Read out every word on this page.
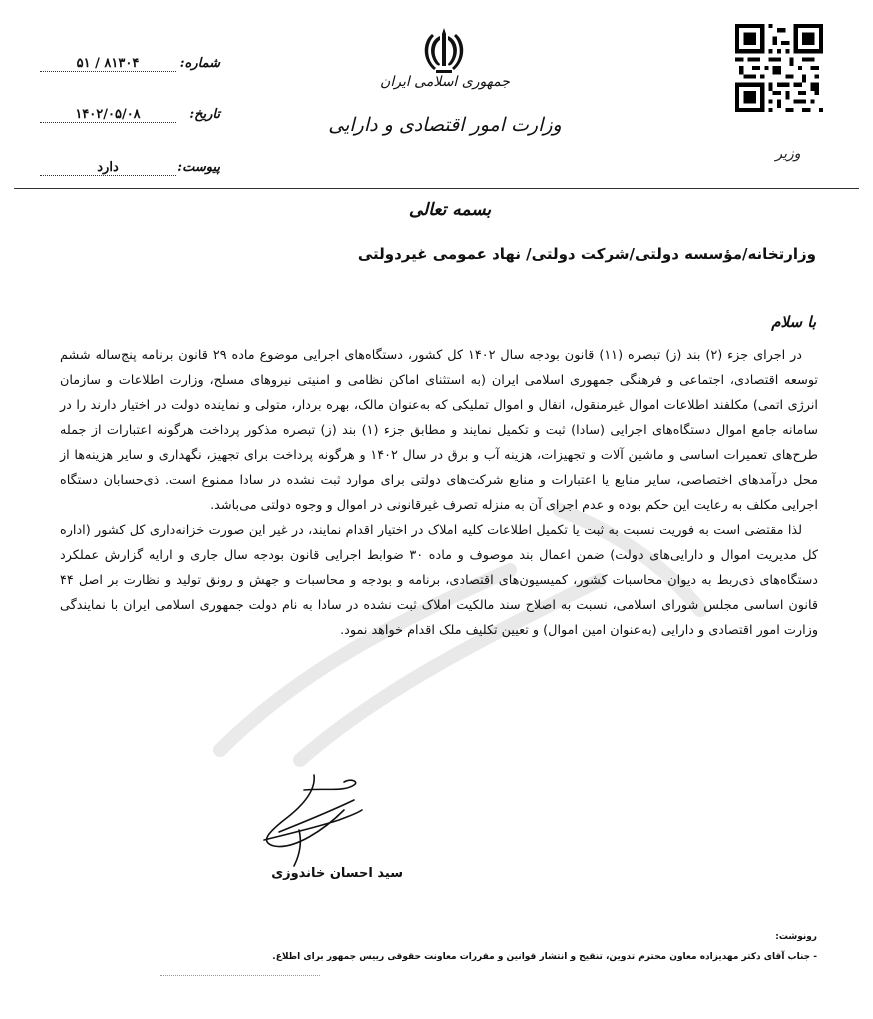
وزیر
جمهوری اسلامی ایران
وزارت امور اقتصادی و دارایی
شماره:
۵۱ / ۸۱۳۰۴
تاریخ:
۱۴۰۲/۰۵/۰۸
پیوست:
دارد
بسمه تعالی
وزارتخانه/مؤسسه دولتی/شرکت دولتی/ نهاد عمومی غیردولتی
با سلام

در اجرای جزء (۲) بند (ز) تبصره (۱۱) قانون بودجه سال ۱۴۰۲ کل کشور، دستگاه‌های اجرایی موضوع ماده ۲۹ قانون برنامه پنج‌ساله ششم توسعه اقتصادی، اجتماعی و فرهنگی جمهوری اسلامی ایران (به استثنای اماکن نظامی و امنیتی نیروهای مسلح، وزارت اطلاعات و سازمان انرژی اتمی) مکلفند اطلاعات اموال غیرمنقول، انفال و اموال تملیکی که به‌عنوان مالک، بهره بردار، متولی و نماینده دولت در اختیار دارند را در سامانه جامع اموال دستگاه‌های اجرایی (سادا) ثبت و تکمیل نمایند و مطابق جزء (۱) بند (ز) تبصره مذکور پرداخت هرگونه اعتبارات از جمله طرح‌های تعمیرات اساسی و ماشین آلات و تجهیزات، هزینه آب و برق در سال ۱۴۰۲ و هرگونه پرداخت برای تجهیز، نگهداری و سایر هزینه‌ها از محل درآمدهای اختصاصی، سایر منابع یا اعتبارات و منابع شرکت‌های دولتی برای موارد ثبت نشده در سادا ممنوع است. ذی‌حسابان دستگاه اجرایی مکلف به رعایت این حکم بوده و عدم اجرای آن به منزله تصرف غیرقانونی در اموال و وجوه دولتی می‌باشد.

لذا مقتضی است به فوریت نسبت به ثبت یا تکمیل اطلاعات کلیه املاک در اختیار اقدام نمایند، در غیر این صورت خزانه‌داری کل کشور (اداره کل مدیریت اموال و دارایی‌های دولت) ضمن اعمال بند موصوف و ماده ۳۰ ضوابط اجرایی قانون بودجه سال جاری و ارایه گزارش عملکرد دستگاه‌های ذی‌ربط به دیوان محاسبات کشور، کمیسیون‌های اقتصادی، برنامه و بودجه و محاسبات و جهش و رونق تولید و نظارت بر اصل ۴۴ قانون اساسی مجلس شورای اسلامی، نسبت به اصلاح سند مالکیت املاک ثبت نشده در سادا به نام دولت جمهوری اسلامی ایران با نمایندگی وزارت امور اقتصادی و دارایی (به‌عنوان امین اموال) و تعیین تکلیف ملک اقدام خواهد نمود.

سید احسان خاندوزی
رونوشت:
- جناب آقای دکتر مهدیزاده معاون محترم تدوین، تنقیح و انتشار قوانین و مقررات معاونت حقوقی رییس جمهور برای اطلاع.
